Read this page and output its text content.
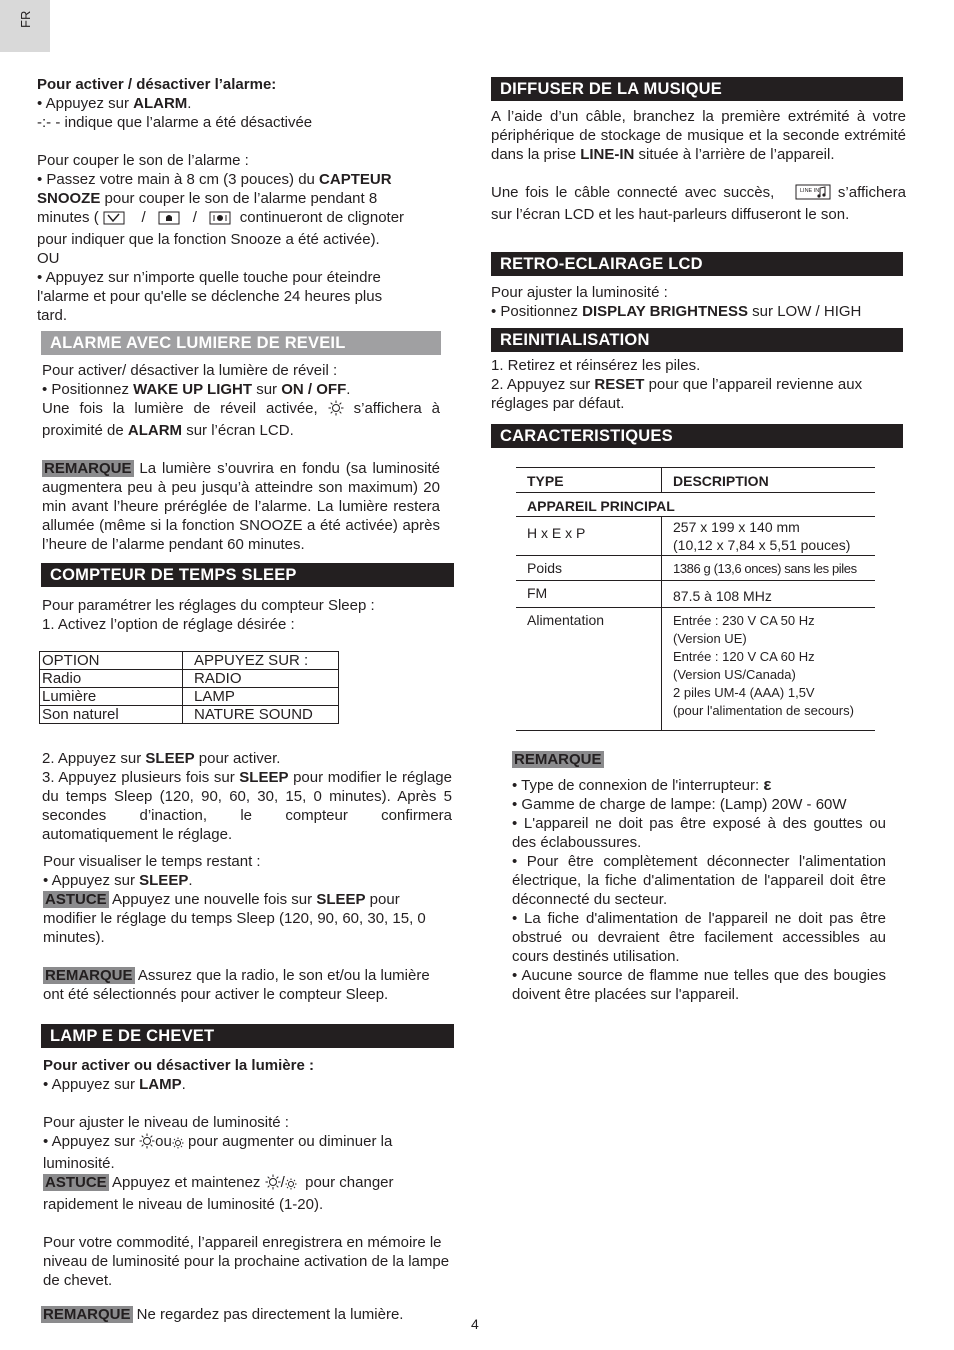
FR

Pour activer / désactiver l’alarme:

• Appuyez sur ALARM.

-:- - indique que l’alarme a été désactivée

Pour couper le son de l’alarme :

• Passez votre main à 8 cm (3 pouces) du CAPTEUR

SNOOZE pour couper le son de l’alarme pendant 8

minutes (	/	/	continueront de clignoter

pour indiquer que la fonction Snooze a été activée).

OU

• Appuyez sur n’importe quelle touche pour éteindre

l'alarme et pour qu'elle se déclenche 24 heures plus

tard.

ALARME AVEC LUMIERE DE REVEIL

Pour activer/ désactiver la lumière de réveil :

• Positionnez WAKE UP LIGHT sur ON / OFF.

Une fois la lumière de réveil activée,  s’affichera à

proximité de ALARM sur l’écran LCD.

REMARQUE La lumière s’ouvrira en fondu (sa luminosité augmentera peu à peu jusqu’à atteindre son maximum) 20 min avant l’heure préréglée de l’alarme. La lumière restera allumée (même si la fonction SNOOZE a été activée) après l’heure de l’alarme pendant 60 minutes.

COMPTEUR DE TEMPS SLEEP

Pour paramétrer les réglages du compteur Sleep :

1. Activez l’option de réglage désirée :

OPTION	APPUYEZ SUR :
Radio	RADIO
Lumière	LAMP
Son naturel	NATURE SOUND

2. Appuyez sur SLEEP pour activer.

3. Appuyez plusieurs fois sur SLEEP pour modifier le réglage du temps Sleep (120, 90, 60, 30, 15, 0 minutes). Après 5 secondes d’inaction, le compteur confirmera automatiquement le réglage.

Pour visualiser le temps restant :

• Appuyez sur SLEEP.

ASTUCE Appuyez une nouvelle fois sur SLEEP pour modifier le réglage du temps Sleep (120, 90, 60, 30, 15, 0 minutes).

REMARQUE Assurez que la radio, le son et/ou la lumière ont été sélectionnés pour activer le compteur Sleep.

LAMP E DE CHEVET

Pour activer ou désactiver la lumière :

• Appuyez sur LAMP.

Pour ajuster le niveau de luminosité :

• Appuyez sur ou pour augmenter ou diminuer la

luminosité.

ASTUCE Appuyez et maintenez /  pour changer

rapidement le niveau de luminosité (1-20).

Pour votre commodité, l’appareil enregistrera en mémoire le niveau de luminosité pour la prochaine activation de la lampe de chevet.

REMARQUE Ne regardez pas directement la lumière.

DIFFUSER DE LA MUSIQUE

A l’aide d’un câble, branchez la première extrémité à votre périphérique de stockage de musique et la seconde extrémité dans la prise LINE-IN située à l’arrière de l’appareil.

Une fois le câble connecté avec succès,	LINE IN s’affichera

sur l’écran LCD et les haut-parleurs diffuseront le son.

RETRO-ECLAIRAGE LCD

Pour ajuster la luminosité :

• Positionnez DISPLAY BRIGHTNESS sur LOW / HIGH

REINITIALISATION

1. Retirez et réinsérez les piles.

2. Appuyez sur RESET pour que l’appareil revienne aux réglages par défaut.

CARACTERISTIQUES
TYPE	DESCRIPTION
APPAREIL PRINCIPAL
H x E x P	257 x 199 x 140 mm
(10,12 x 7,84 x 5,51 pouces)
Poids	1386 g (13,6 onces) sans les piles
FM	87.5 à 108 MHz
Alimentation	Entrée : 230 V CA 50 Hz
(Version UE)
Entrée : 120 V CA 60 Hz
(Version US/Canada)
2 piles UM-4 (AAA) 1,5V
(pour l'alimentation de secours)

REMARQUE

• Type de connexion de l'interrupteur: ε

• Gamme de charge de lampe: (Lamp) 20W - 60W

• L'appareil ne doit pas être exposé à des gouttes ou des éclaboussures.

• Pour être complètement déconnecter l'alimentation électrique, la fiche d'alimentation de l'appareil doit être déconnecté du secteur.

• La fiche d'alimentation de l'appareil ne doit pas être obstrué ou devraient être facilement accessibles au cours destinés utilisation.

• Aucune source de flamme nue telles que des bougies doivent être placées sur l'appareil.

4
